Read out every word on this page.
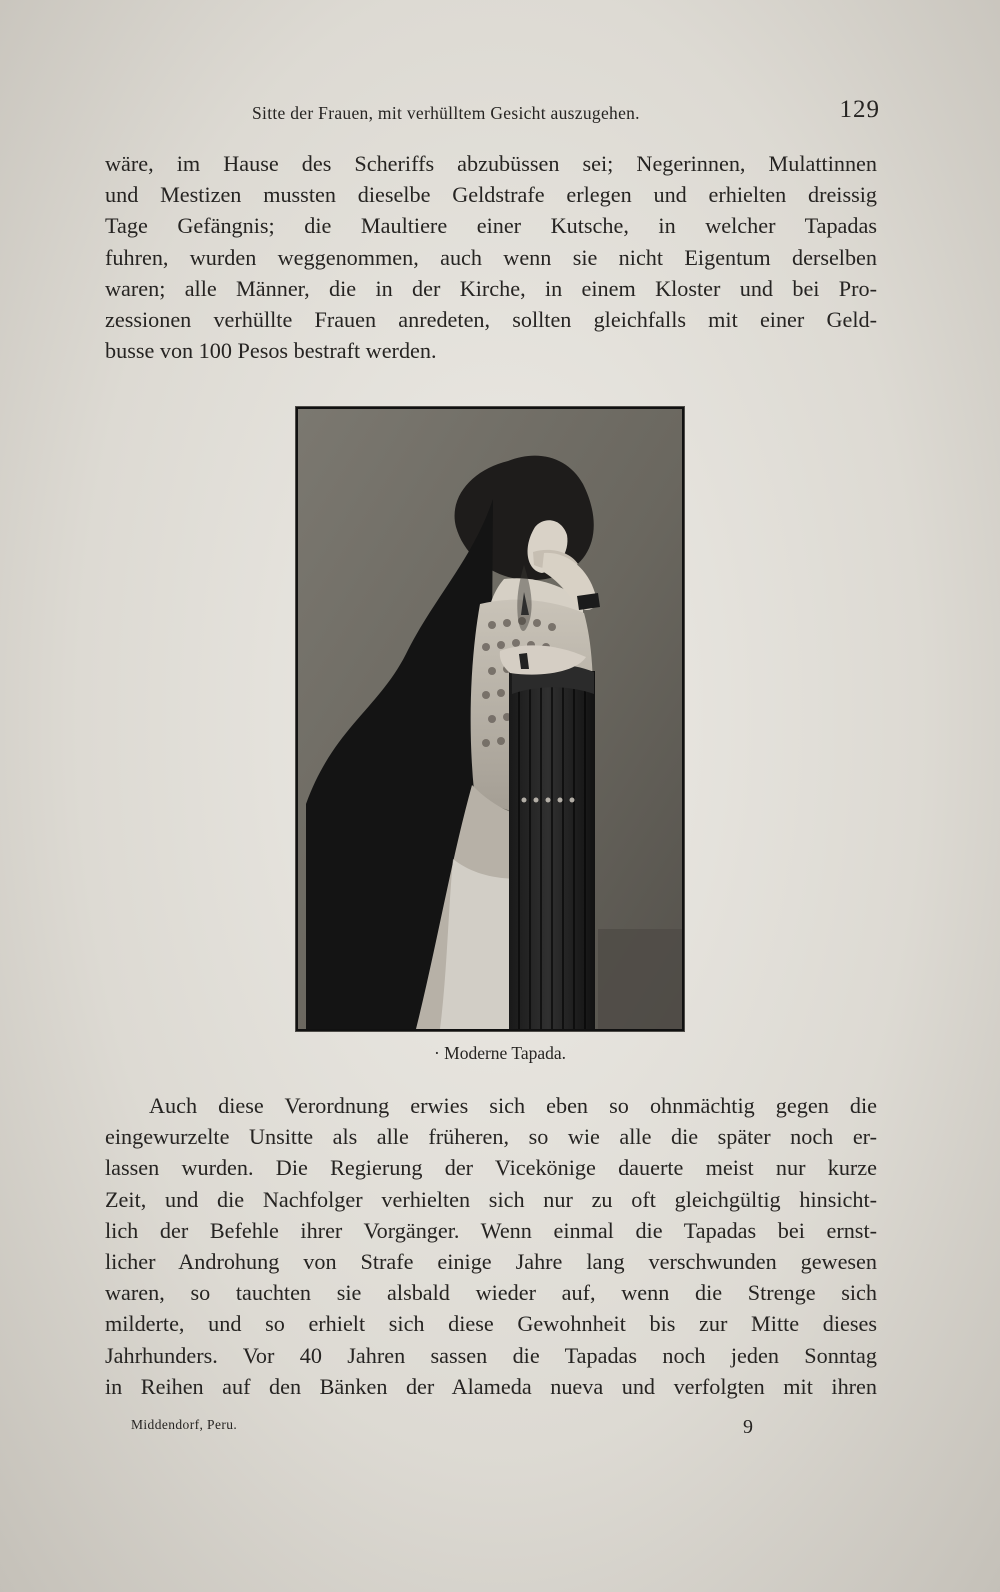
Sitte der Frauen, mit verhülltem Gesicht auszugehen.	129

wäre, im Hause des Scheriffs abzubüssen sei; Negerinnen, Mulattinnen

und Mestizen mussten dieselbe Geldstrafe erlegen und erhielten dreissig

Tage Gefängnis; die Maultiere einer Kutsche, in welcher Tapadas

fuhren, wurden weggenommen, auch wenn sie nicht Eigentum derselben

waren; alle Männer, die in der Kirche, in einem Kloster und bei Pro-

zessionen verhüllte Frauen anredeten, sollten gleichfalls mit einer Geld-

busse von 100 Pesos bestraft werden.

· Moderne Tapada.

Auch diese Verordnung erwies sich eben so ohnmächtig gegen die

eingewurzelte Unsitte als alle früheren, so wie alle die später noch er-

lassen wurden. Die Regierung der Vicekönige dauerte meist nur kurze

Zeit, und die Nachfolger verhielten sich nur zu oft gleichgültig hinsicht-

lich der Befehle ihrer Vorgänger. Wenn einmal die Tapadas bei ernst-

licher Androhung von Strafe einige Jahre lang verschwunden gewesen

waren, so tauchten sie alsbald wieder auf, wenn die Strenge sich

milderte, und so erhielt sich diese Gewohnheit bis zur Mitte dieses

Jahrhunders. Vor 40 Jahren sassen die Tapadas noch jeden Sonntag

in Reihen auf den Bänken der Alameda nueva und verfolgten mit ihren

Middendorf, Peru.	9
